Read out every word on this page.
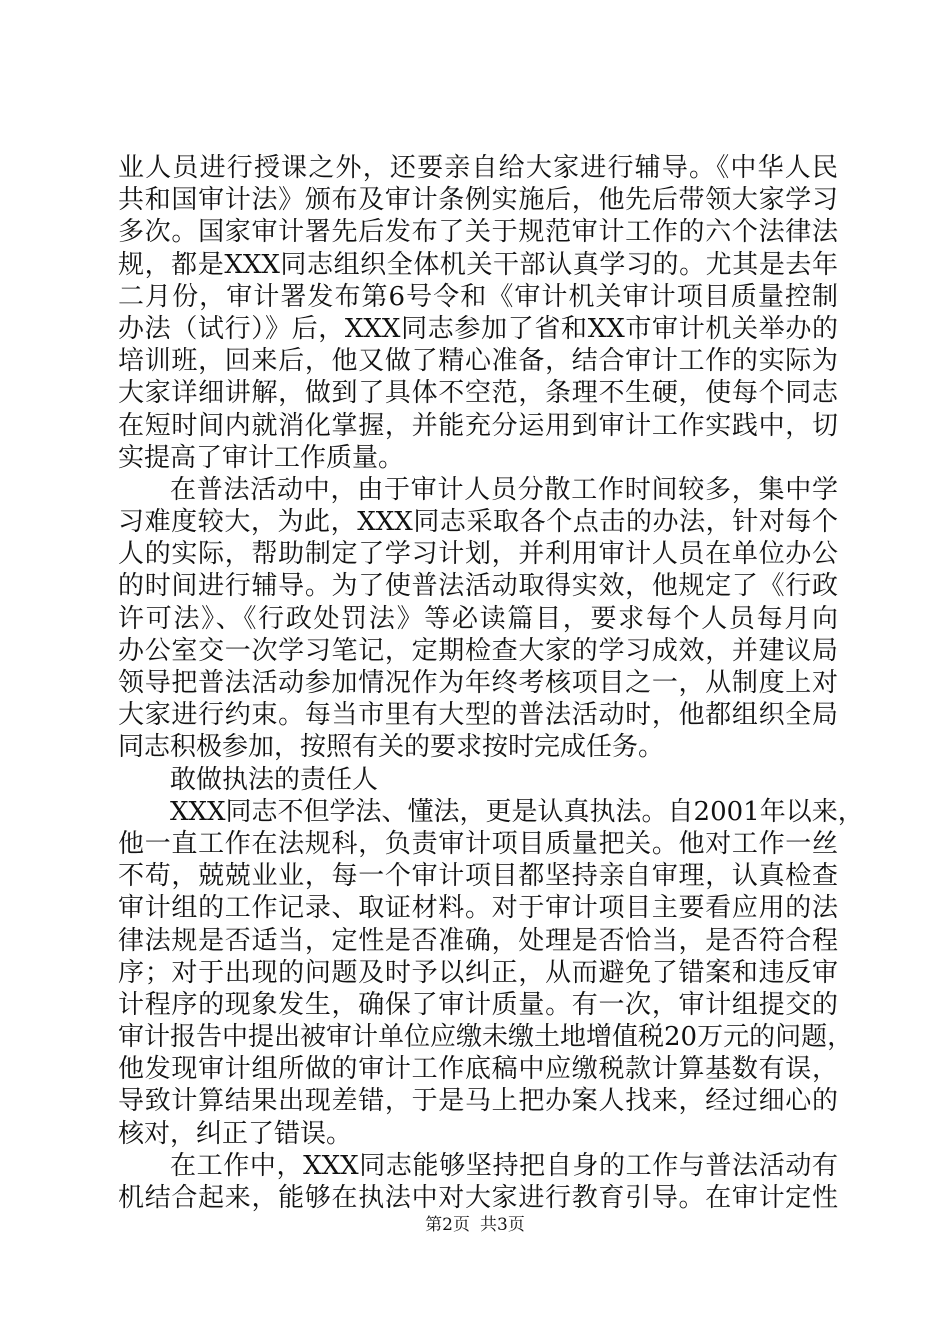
业人员进行授课之外，还要亲自给大家进行辅导。《中华人民
共和国审计法》颁布及审计条例实施后，他先后带领大家学习
多次。国家审计署先后发布了关于规范审计工作的六个法律法
规，都是XXX同志组织全体机关干部认真学习的。尤其是去年
二月份，审计署发布第6号令和《审计机关审计项目质量控制
办法（试行）》后，XXX同志参加了省和XX市审计机关举办的
培训班，回来后，他又做了精心准备，结合审计工作的实际为
大家详细讲解，做到了具体不空范，条理不生硬，使每个同志
在短时间内就消化掌握，并能充分运用到审计工作实践中，切
实提高了审计工作质量。
在普法活动中，由于审计人员分散工作时间较多，集中学
习难度较大，为此，XXX同志采取各个点击的办法，针对每个
人的实际，帮助制定了学习计划，并利用审计人员在单位办公
的时间进行辅导。为了使普法活动取得实效，他规定了《行政
许可法》、《行政处罚法》等必读篇目，要求每个人员每月向
办公室交一次学习笔记，定期检查大家的学习成效，并建议局
领导把普法活动参加情况作为年终考核项目之一，从制度上对
大家进行约束。每当市里有大型的普法活动时，他都组织全局
同志积极参加，按照有关的要求按时完成任务。
敢做执法的责任人
XXX同志不但学法、懂法，更是认真执法。自2001年以来，
他一直工作在法规科，负责审计项目质量把关。他对工作一丝
不苟，兢兢业业，每一个审计项目都坚持亲自审理，认真检查
审计组的工作记录、取证材料。对于审计项目主要看应用的法
律法规是否适当，定性是否准确，处理是否恰当，是否符合程
序；对于出现的问题及时予以纠正，从而避免了错案和违反审
计程序的现象发生，确保了审计质量。有一次，审计组提交的
审计报告中提出被审计单位应缴未缴土地增值税20万元的问题，
他发现审计组所做的审计工作底稿中应缴税款计算基数有误，
导致计算结果出现差错，于是马上把办案人找来，经过细心的
核对，纠正了错误。
在工作中，XXX同志能够坚持把自身的工作与普法活动有
机结合起来，能够在执法中对大家进行教育引导。在审计定性
第2页 共3页
